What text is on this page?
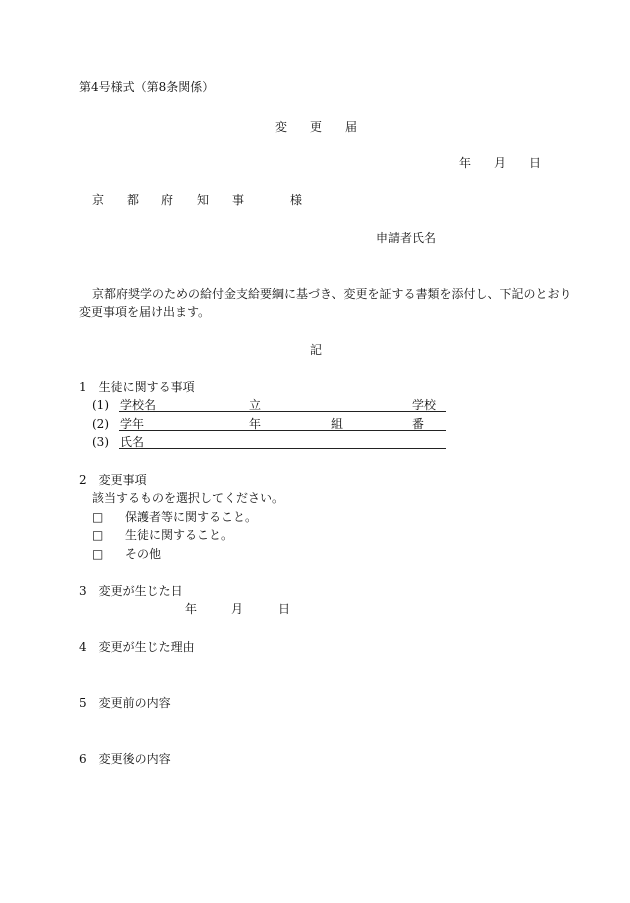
第4号様式（第8条関係）
変 更 届
年 月 日
京 都 府 知 事	様
申請者氏名
京都府奨学のための給付金支給要綱に基づき、変更を証する書類を添付し、下記のとおり
変更事項を届け出ます。
記
1　生徒に関する事項
(1) 学校名	立	学校
(2) 学年	年	組	番
(3) 氏名
2　変更事項
該当するものを選択してください。
□ 保護者等に関すること。
□ 生徒に関すること。
□ その他
3　変更が生じた日
年	月	日
4　変更が生じた理由
5　変更前の内容
6　変更後の内容
